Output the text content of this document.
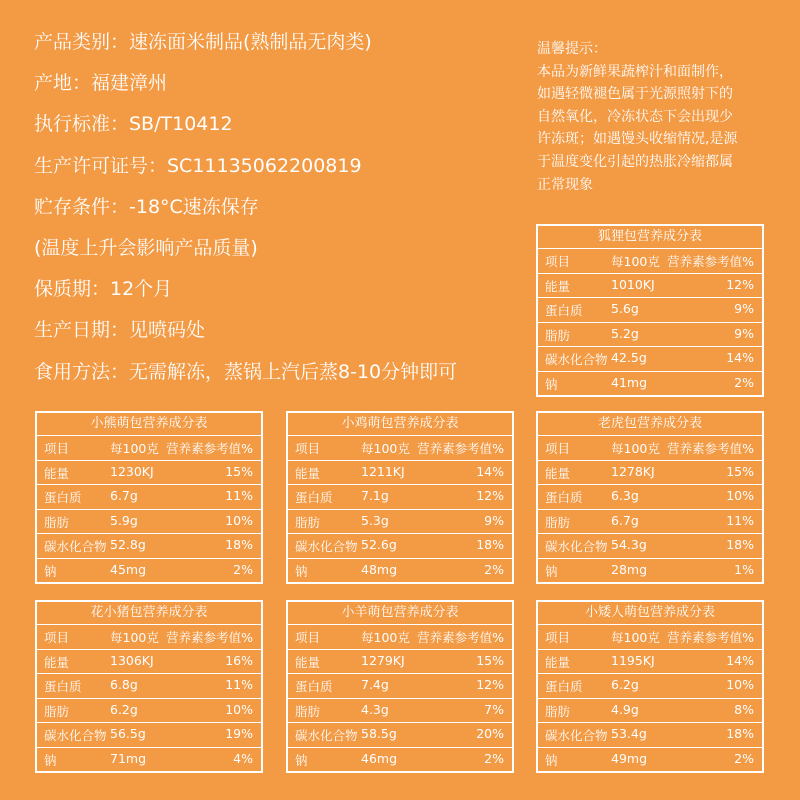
产品类别：速冻面米制品(熟制品无肉类)
产地：福建漳州
执行标准：SB/T10412
生产许可证号：SC11135062200819
贮存条件：-18°C速冻保存
(温度上升会影响产品质量)
保质期：12个月
生产日期：见喷码处
食用方法：无需解冻，蒸锅上汽后蒸8-10分钟即可
温馨提示：
本品为新鲜果蔬榨汁和面制作，
如遇轻微褪色属于光源照射下的
自然氧化，冷冻状态下会出现少
许冻斑；如遇馒头收缩情况,是源
于温度变化引起的热胀冷缩都属
正常现象
狐狸包营养成分表
项目	每100克 营养素参考值%
能量	1010KJ	12%
蛋白质 5.6g	9%
脂肪	5.2g	9%
碳水化合物 42.5g	14%
钠	41mg	2%
小熊萌包营养成分表
项目	每100克 营养素参考值%
能量	1230KJ	15%
蛋白质 6.7g	11%
脂肪	5.9g	10%
碳水化合物 52.8g	18%
钠	45mg	2%
小鸡萌包营养成分表
项目	每100克 营养素参考值%
能量	1211KJ	14%
蛋白质 7.1g	12%
脂肪	5.3g	9%
碳水化合物 52.6g	18%
钠	48mg	2%
老虎包营养成分表
项目	每100克 营养素参考值%
能量	1278KJ	15%
蛋白质 6.3g	10%
脂肪	6.7g	11%
碳水化合物 54.3g	18%
钠	28mg	1%
花小猪包营养成分表
项目	每100克 营养素参考值%
能量	1306KJ	16%
蛋白质 6.8g	11%
脂肪	6.2g	10%
碳水化合物 56.5g	19%
钠	71mg	4%
小羊萌包营养成分表
项目	每100克 营养素参考值%
能量	1279KJ	15%
蛋白质 7.4g	12%
脂肪	4.3g	7%
碳水化合物 58.5g	20%
钠	46mg	2%
小矮人萌包营养成分表
项目	每100克 营养素参考值%
能量	1195KJ	14%
蛋白质 6.2g	10%
脂肪	4.9g	8%
碳水化合物 53.4g	18%
钠	49mg	2%
